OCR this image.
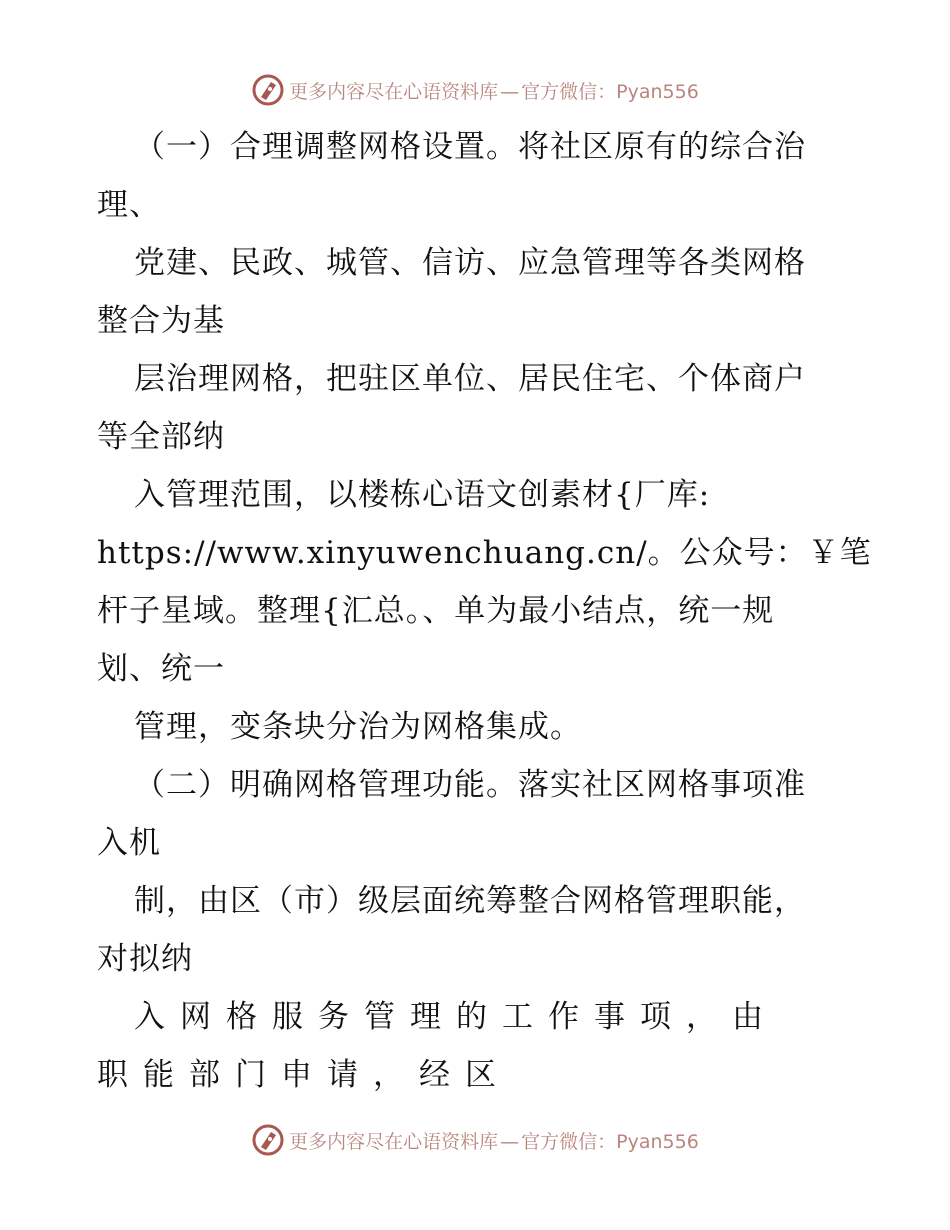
更多内容尽在心语资料库 — 官方微信：Pyan556
（一）合理调整网格设置。将社区原有的综合治
理、
党建、民政、城管、信访、应急管理等各类网格
整合为基
层治理网格，把驻区单位、居民住宅、个体商户
等全部纳
入管理范围，以楼栋心语文创素材{厂库:
https://www.xinyuwenchuang.cn/。公众号：￥笔
杆子星域。整理{汇总。、单为最小结点，统一规
划、统一
管理，变条块分治为网格集成。
（二）明确网格管理功能。落实社区网格事项准
入机
制，由区（市）级层面统筹整合网格管理职能，
对拟纳
入网格服务管理的工作事项，由
职能部门申请，经区
更多内容尽在心语资料库 — 官方微信：Pyan556
